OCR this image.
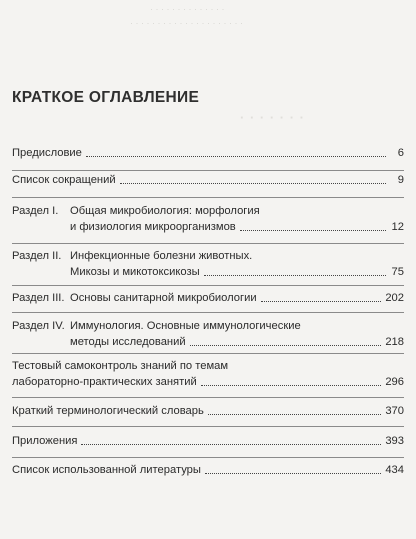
· · · · · · · · · · · · · ·
· · · · · · · · · · · · · · · · · · · · ·
· · · · · · ·
КРАТКОЕ ОГЛАВЛЕНИЕ
Предисловие	6
Список сокращений	9
Раздел I.	Общая микробиология: морфология
и физиология микроорганизмов	12
Раздел II. Инфекционные болезни животных.
Микозы и микотоксикозы	75
Раздел III. Основы санитарной микробиологии	202
Раздел IV. Иммунология. Основные иммунологические
методы исследований	218
Тестовый самоконтроль знаний по темам
лабораторно-практических занятий	296
Краткий терминологический словарь	370
Приложения	393
Список использованной литературы	434
